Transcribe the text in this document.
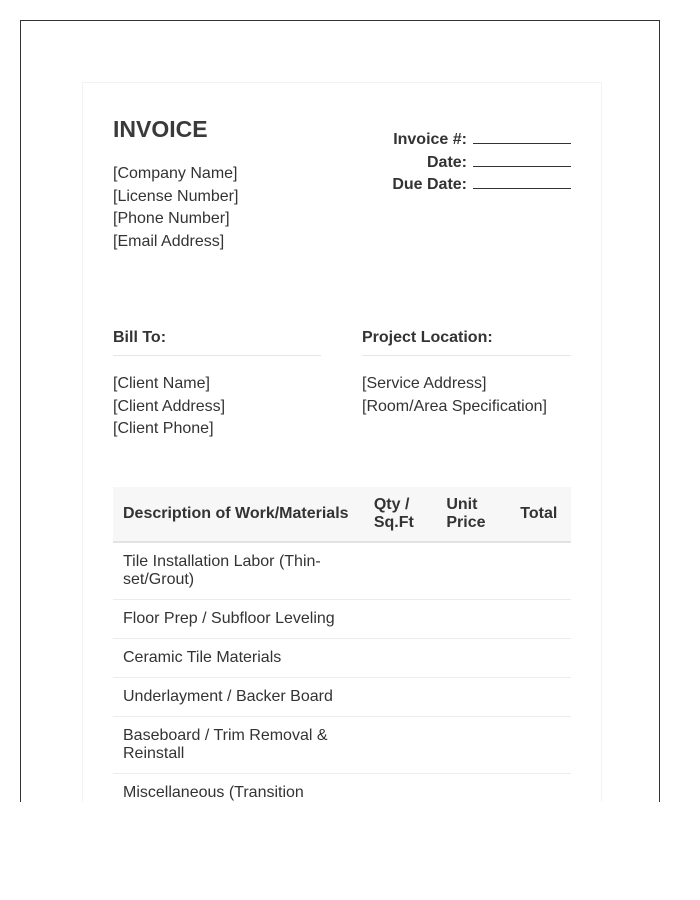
INVOICE
[Company Name]
[License Number]
[Phone Number]
[Email Address]
Invoice #:
Date:
Due Date:
Bill To:
[Client Name]
[Client Address]
[Client Phone]
Project Location:
[Service Address]
[Room/Area Specification]
Description of Work/Materials	Qty / Sq.Ft	Unit Price	Total
Tile Installation Labor (Thin-set/Grout)			
Floor Prep / Subfloor Leveling			
Ceramic Tile Materials			
Underlayment / Backer Board			
Baseboard / Trim Removal & Reinstall			
Miscellaneous (Transition			
